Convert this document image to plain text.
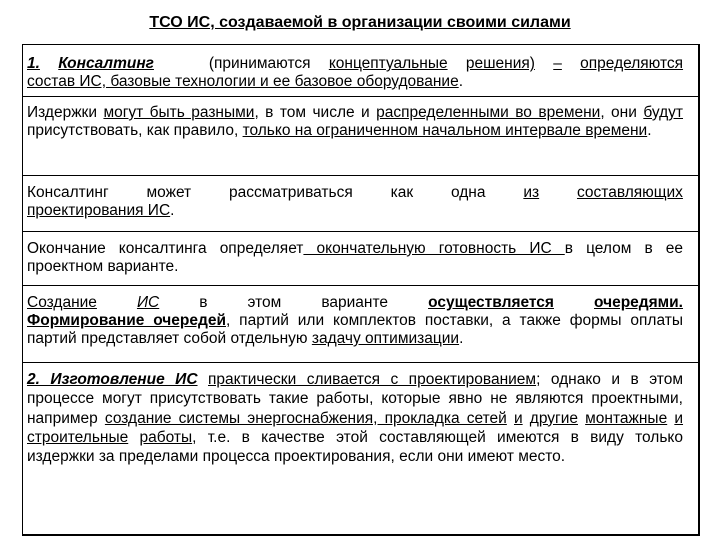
ТСО ИС, создаваемой в организации своими силами
1. Консалтинг	(принимаются концептуальные решения) – определяются
состав ИС, базовые технологии и ее базовое оборудование.
Издержки могут быть разными, в том числе и распределенными во времени, они будут присутствовать, как правило, только на ограниченном начальном интервале времени.
Консалтинг может рассматриваться как одна из составляющих
проектирования ИС.
Окончание консалтинга определяет окончательную готовность ИС в целом в ее проектном варианте.
Создание	ИС	в	этом	варианте	осуществляется	очередями.
Формирование очередей, партий или комплектов поставки, а также формы оплаты партий представляет собой отдельную задачу оптимизации.
2. Изготовление ИС практически сливается с проектированием; однако и в этом процессе могут присутствовать такие работы, которые явно не являются проектными, например создание системы энергоснабжения, прокладка сетей и другие монтажные и строительные работы, т.е. в качестве этой составляющей имеются в виду только издержки за пределами процесса проектирования, если они имеют место.
